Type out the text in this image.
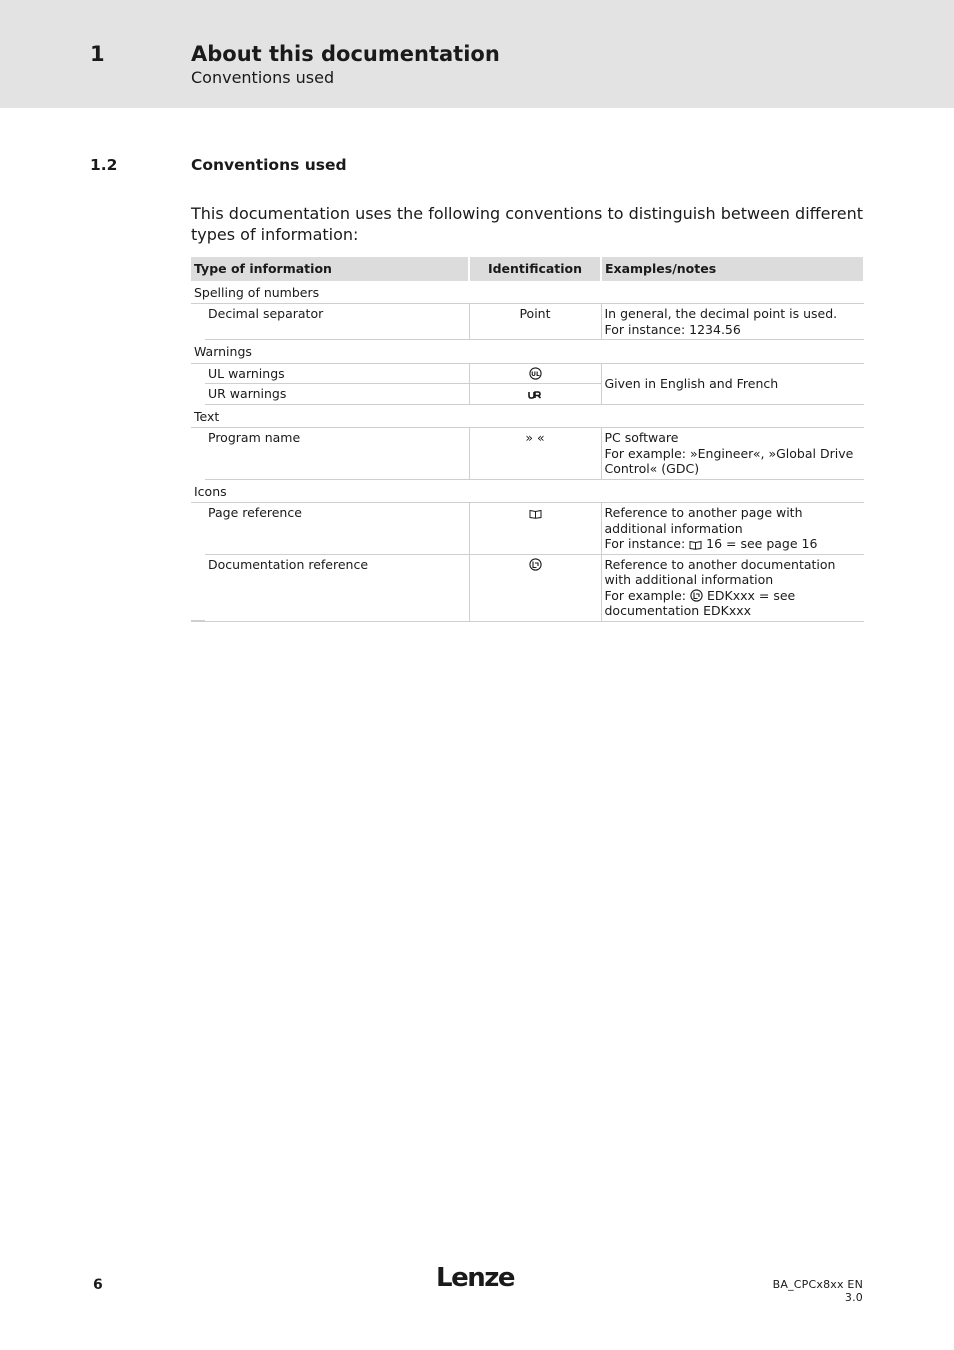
1	About this documentation
Conventions used
1.2	Conventions used
This documentation uses the following conventions to distinguish between different types of information:
Type of information		Identification	Examples/notes
Spelling of numbers			
	Decimal separator	Point	In general, the decimal point is used.
For instance: 1234.56

Warnings			
	UL warnings	UL	Given in English and French
	UR warnings	
Text			
	Program name	» «	PC software
For example: »Engineer«, »Global Drive Control« (GDC)

Icons			
	Page reference		Reference to another page with additional information
For instance: 16 = see page 16

	Documentation reference		Reference to another documentation with additional information
For example: EDKxxx = see documentation EDKxxx
6	Lenze	BA_CPCx8xx EN 3.0
